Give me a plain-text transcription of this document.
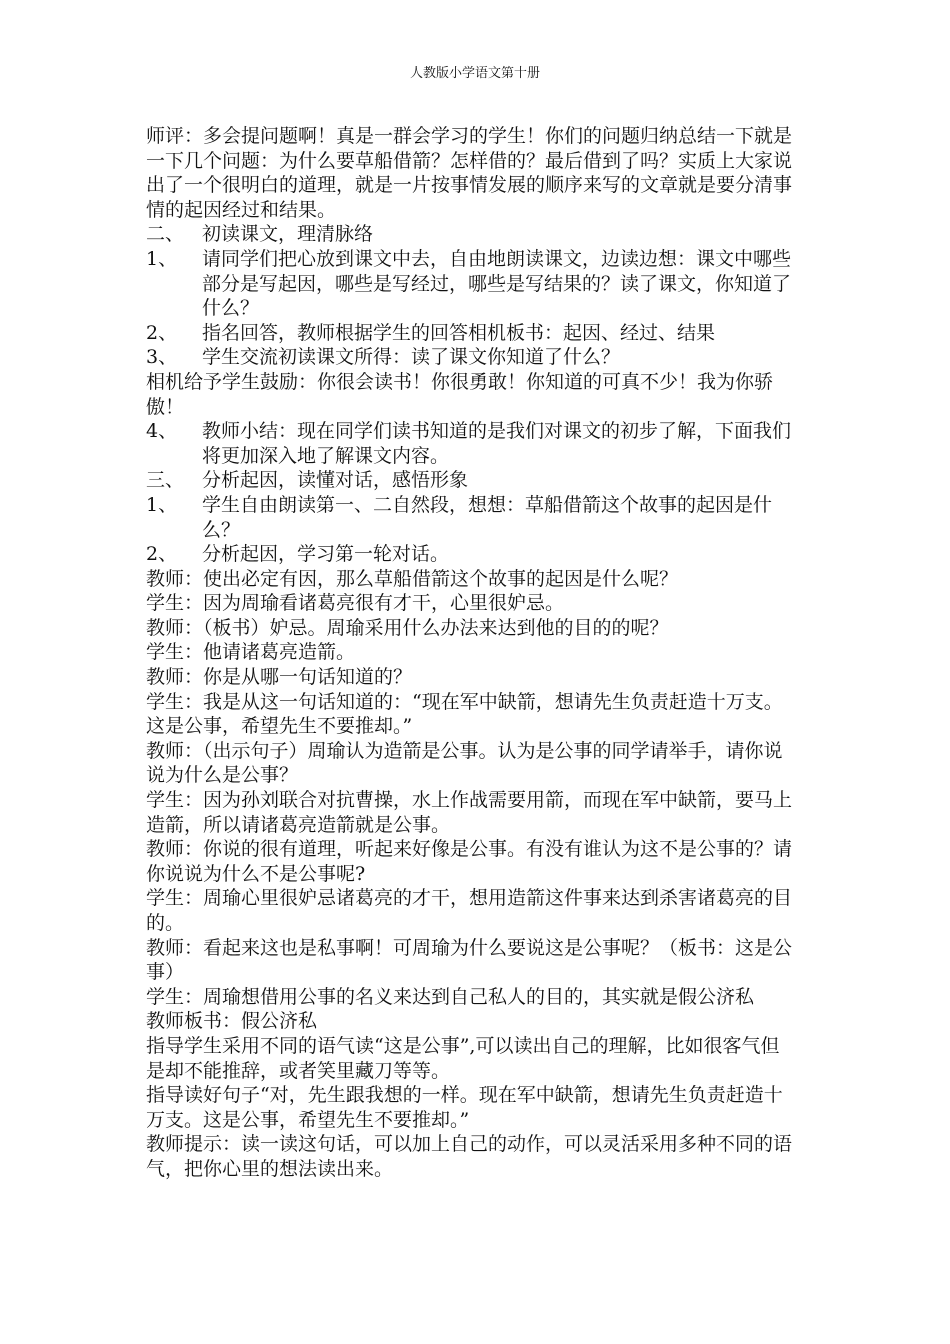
人教版小学语文第十册

师评：多会提问题啊！真是一群会学习的学生！你们的问题归纳总结一下就是一下几个问题：为什么要草船借箭？怎样借的？最后借到了吗？实质上大家说出了一个很明白的道理，就是一片按事情发展的顺序来写的文章就是要分清事情的起因经过和结果。

二、 初读课文，理清脉络
1、	请同学们把心放到课文中去，自由地朗读课文，边读边想：课文中哪些部分是写起因，哪些是写经过，哪些是写结果的？读了课文，你知道了什么？
2、	指名回答，教师根据学生的回答相机板书：起因、经过、结果
3、	学生交流初读课文所得：读了课文你知道了什么？

相机给予学生鼓励：你很会读书！你很勇敢！你知道的可真不少！我为你骄傲！

4、	教师小结：现在同学们读书知道的是我们对课文的初步了解，下面我们将更加深入地了解课文内容。
三、 分析起因，读懂对话，感悟形象
1、	学生自由朗读第一、二自然段，想想：草船借箭这个故事的起因是什么？
2、	分析起因，学习第一轮对话。

教师：使出必定有因，那么草船借箭这个故事的起因是什么呢？

学生：因为周瑜看诸葛亮很有才干，心里很妒忌。

教师：（板书）妒忌。周瑜采用什么办法来达到他的目的的呢？

学生：他请诸葛亮造箭。

教师：你是从哪一句话知道的？

学生：我是从这一句话知道的：“现在军中缺箭，想请先生负责赶造十万支。这是公事，希望先生不要推却。”

教师：（出示句子）周瑜认为造箭是公事。认为是公事的同学请举手，请你说说为什么是公事？

学生：因为孙刘联合对抗曹操，水上作战需要用箭，而现在军中缺箭，要马上造箭，所以请诸葛亮造箭就是公事。

教师：你说的很有道理，听起来好像是公事。有没有谁认为这不是公事的？请你说说为什么不是公事呢?

学生：周瑜心里很妒忌诸葛亮的才干，想用造箭这件事来达到杀害诸葛亮的目的。

教师：看起来这也是私事啊！可周瑜为什么要说这是公事呢？（板书：这是公事）

学生：周瑜想借用公事的名义来达到自己私人的目的，其实就是假公济私

教师板书：假公济私

指导学生采用不同的语气读“这是公事”,可以读出自己的理解，比如很客气但是却不能推辞，或者笑里藏刀等等。

指导读好句子“对，先生跟我想的一样。现在军中缺箭，想请先生负责赶造十万支。这是公事，希望先生不要推却。”

教师提示：读一读这句话，可以加上自己的动作，可以灵活采用多种不同的语气，把你心里的想法读出来。
